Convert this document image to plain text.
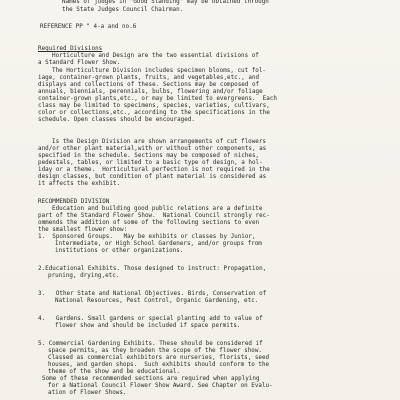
Names of judges in "Good Standing" may be obtained through
the State Judges Council Chairman.
REFERENCE PP " 4-a and no.6
Required Divisions
Horticulture and Design are the two essential divisions of
a Standard Flower Show.
The Horticulture Division includes specimen blooms, cut fol-
iage, container-grown plants, fruits, and vegetables,etc., and
displays and collections of these. Sections may be composed of
annuals, biennials, perennials, bulbs, flowering and/or foliage
container-grown plants,etc., or may be limited to evergreens.  Each
class may be limited to specimens, species, varieties, cultivars,
color or collections,etc., according to the specifications in the
schedule. Open classes should be encouraged.
Is the Design Division are shown arrangements of cut flowers
and/or other plant material,with or without other components, as
specified in the schedule. Sections may be composed of niches,
pedestals, tables, or limited to a basic type of design, a hol-
iday or a theme.  Horticultural perfection is not required in the
design classes, but condition of plant material is considered as
it affects the exhibit.
RECOMMENDED DIVISION
Education and building good public relations are a definite
part of the Standard Flower Show.  National Council strongly rec-
ommends the addition of some of the following sections to even
the smallest flower show:
1.  Sponsored Groups.   May be exhibits or classes by Junior,
Intermediate, or High School Gardeners, and/or groups from
institutions or other organizations.
2.Educational Exhibits. Those designed to instruct: Propagation,
pruning, drying,etc.
3.   Other State and National Objectives. Birds, Conservation of
National Resources, Pest Control, Organic Gardening, etc.
4.   Gardens. Small gardens or special planting add to value of
flower show and should be included if space permits.
5. Commercial Gardening Exhibits. These should be considered if
space permits, as they broaden the scope of the flower show.
Classed as commercial exhibitors are nurseries, florists, seed
houses, and garden shops.  Such exhibits should conform to the
theme of the show and be educational.
Some of these recommended sections are required when applying
for a National Council Flower Show Award. See Chapter on Evalu-
ation of Flower Shows.
